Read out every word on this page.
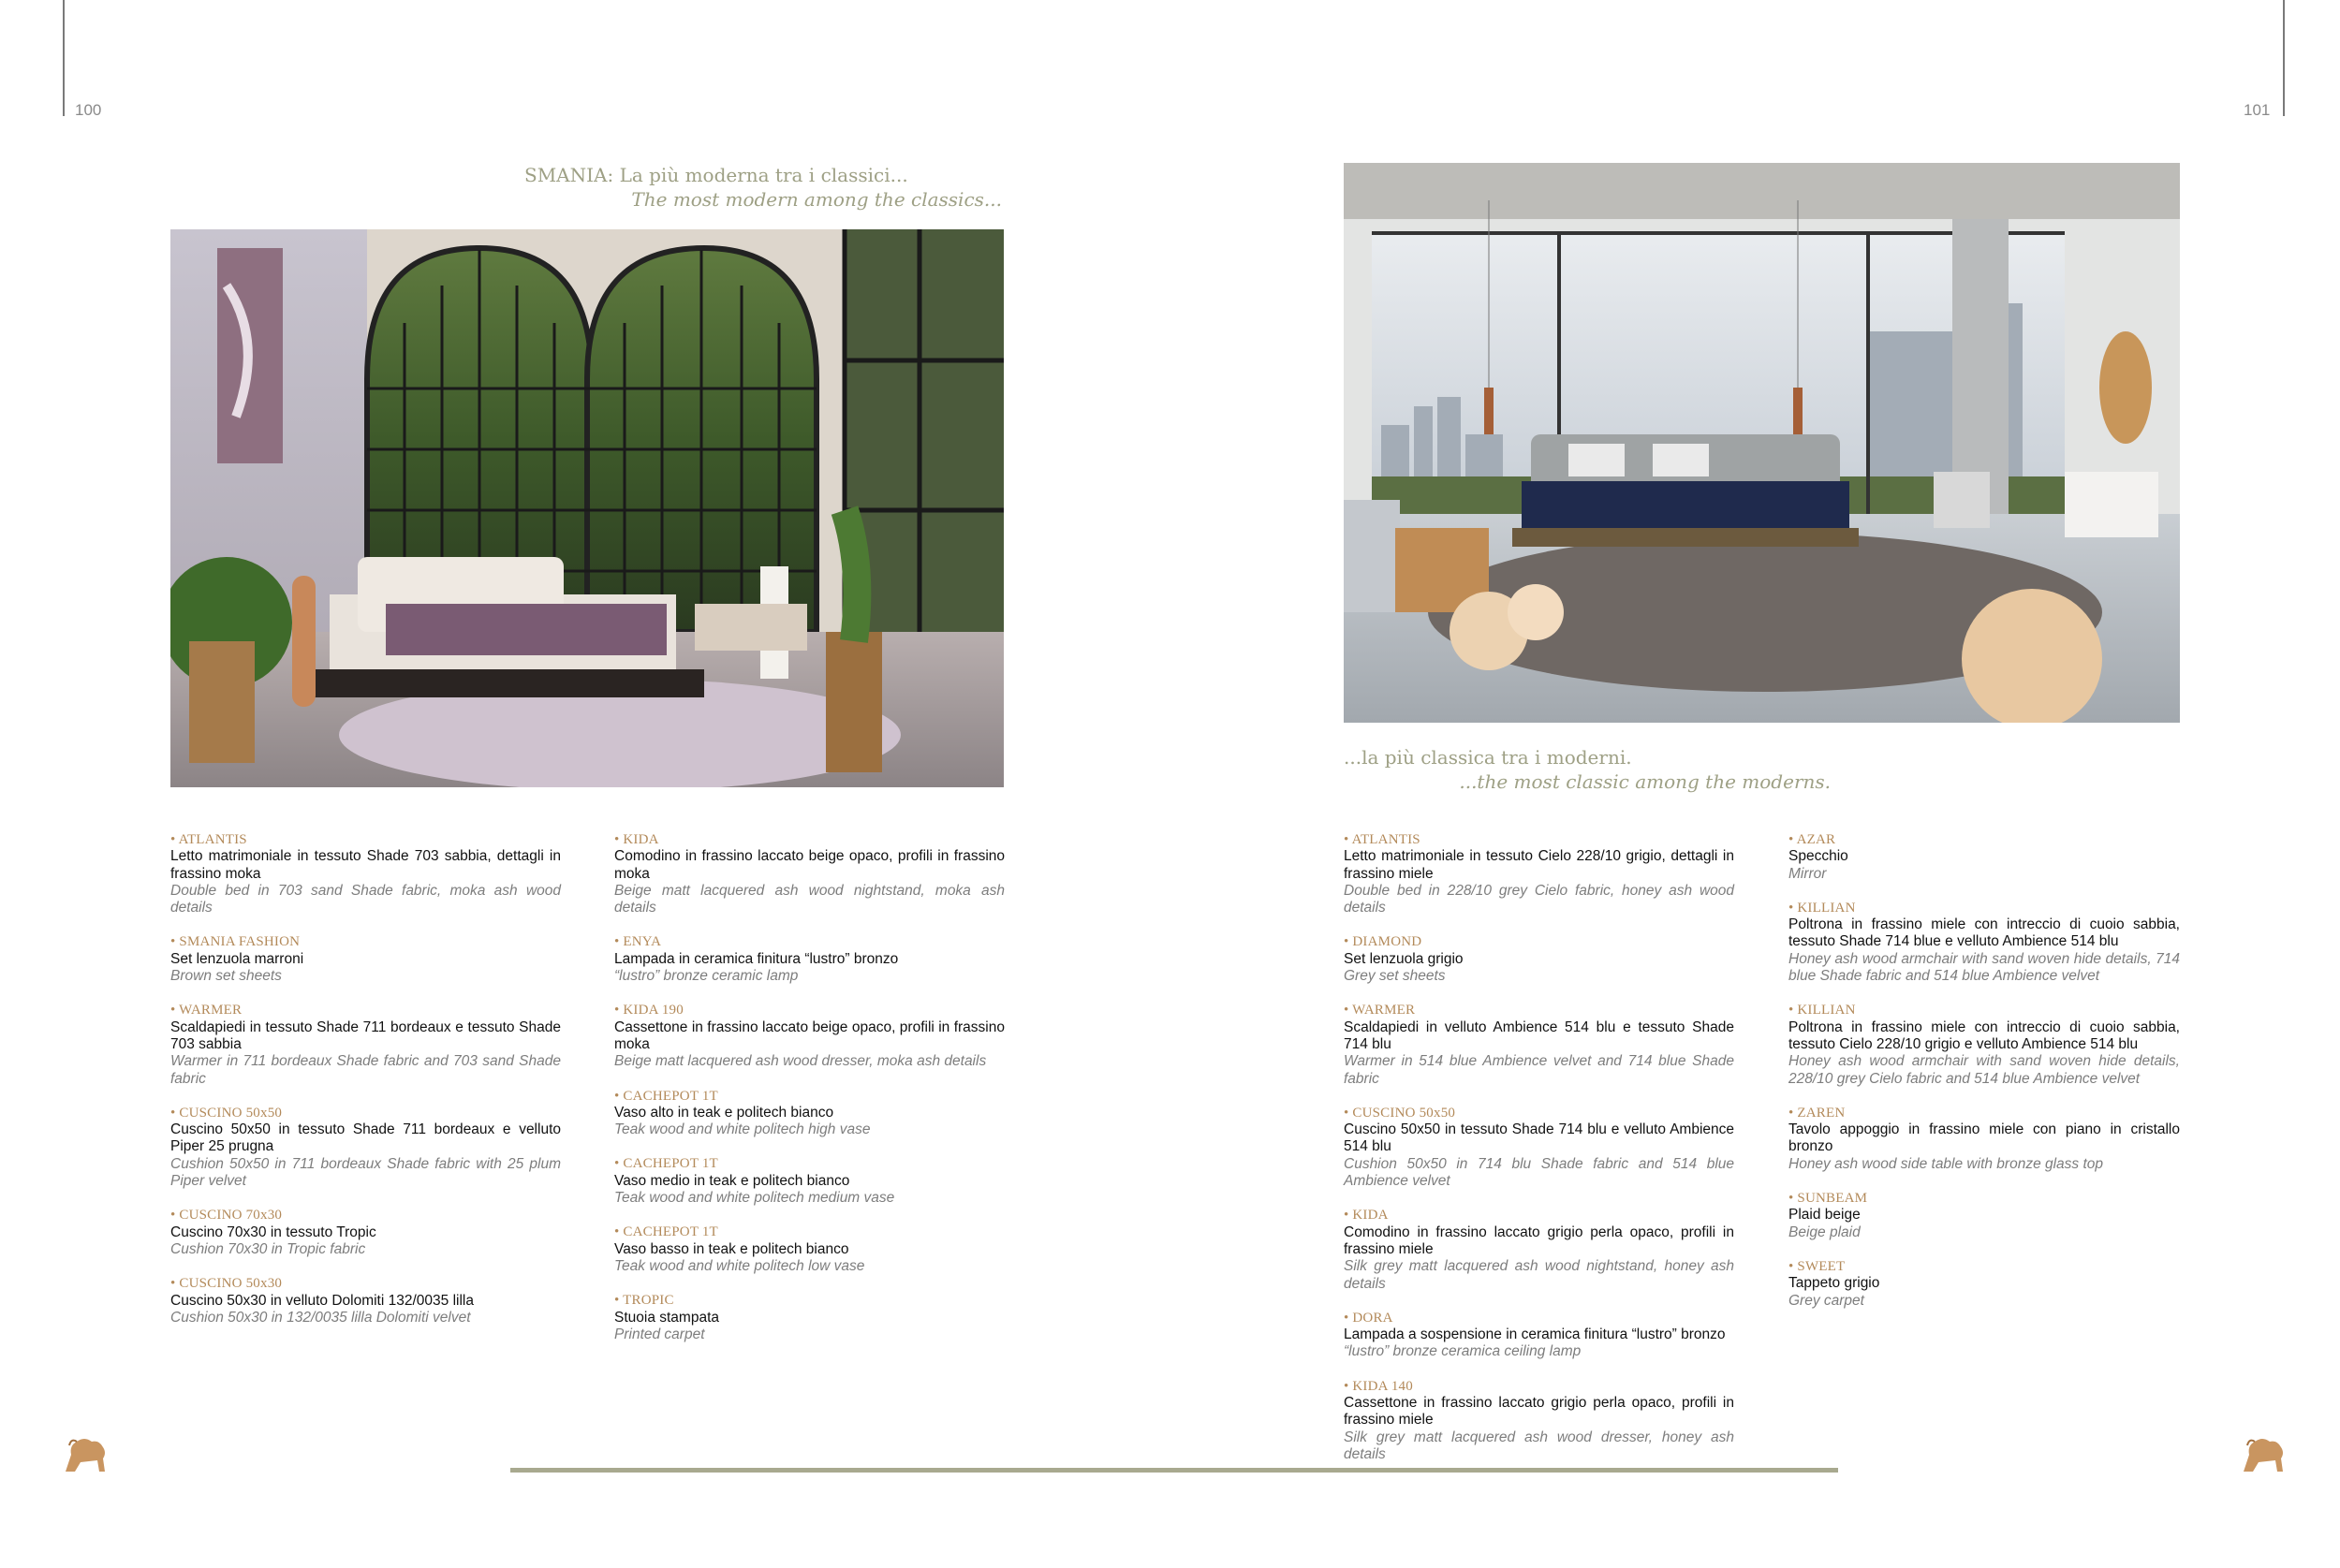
100	101
SMANIA: La più moderna tra i classici...
The most modern among the classics...
...la più classica tra i moderni.
...the most classic among the moderns.
• ATLANTIS
Letto matrimoniale in tessuto Shade 703 sabbia, dettagli in frassino moka
Double bed in 703 sand Shade fabric, moka ash wood details
• SMANIA FASHION
Set lenzuola marroni
Brown set sheets
• WARMER
Scaldapiedi in tessuto Shade 711 bordeaux e tessuto Shade 703 sabbia
Warmer in 711 bordeaux Shade fabric and 703 sand Shade fabric
• CUSCINO 50x50
Cuscino 50x50 in tessuto Shade 711 bordeaux e velluto Piper 25 prugna
Cushion 50x50 in 711 bordeaux Shade fabric with 25 plum Piper velvet
• CUSCINO 70x30
Cuscino 70x30 in tessuto Tropic
Cushion 70x30 in Tropic fabric
• CUSCINO 50x30
Cuscino 50x30 in velluto Dolomiti 132/0035 lilla
Cushion 50x30 in 132/0035 lilla Dolomiti velvet
• KIDA
Comodino in frassino laccato beige opaco, profili in frassino moka
Beige matt lacquered ash wood nightstand, moka ash details
• ENYA
Lampada in ceramica finitura “lustro” bronzo
“lustro” bronze ceramic lamp
• KIDA 190
Cassettone in frassino laccato beige opaco, profili in frassino moka
Beige matt lacquered ash wood dresser, moka ash details
• CACHEPOT 1T
Vaso alto in teak e politech bianco
Teak wood and white politech high vase
• CACHEPOT 1T
Vaso medio in teak e politech bianco
Teak wood and white politech medium vase
• CACHEPOT 1T
Vaso basso in teak e politech bianco
Teak wood and white politech low vase
• TROPIC
Stuoia stampata
Printed carpet
• ATLANTIS
Letto matrimoniale in tessuto Cielo 228/10 grigio, dettagli in frassino miele
Double bed in 228/10 grey Cielo fabric, honey ash wood details
• DIAMOND
Set lenzuola grigio
Grey set sheets
• WARMER
Scaldapiedi in velluto Ambience 514 blu e tessuto Shade 714 blu
Warmer in 514 blue Ambience velvet and 714 blue Shade fabric
• CUSCINO 50x50
Cuscino 50x50 in tessuto Shade 714 blu e velluto Ambience 514 blu
Cushion 50x50 in 714 blu Shade fabric and 514 blue Ambience velvet
• KIDA
Comodino in frassino laccato grigio perla opaco, profili in frassino miele
Silk grey matt lacquered ash wood nightstand, honey ash details
• DORA
Lampada a sospensione in ceramica finitura “lustro” bronzo
“lustro” bronze ceramica ceiling lamp
• KIDA 140
Cassettone in frassino laccato grigio perla opaco, profili in frassino miele
Silk grey matt lacquered ash wood dresser, honey ash details
• AZAR
Specchio
Mirror
• KILLIAN
Poltrona in frassino miele con intreccio di cuoio sabbia, tessuto Shade 714 blue e velluto Ambience 514 blu
Honey ash wood armchair with sand woven hide details, 714 blue Shade fabric and 514 blue Ambience velvet
• KILLIAN
Poltrona in frassino miele con intreccio di cuoio sabbia, tessuto Cielo 228/10 grigio e velluto Ambience 514 blu
Honey ash wood armchair with sand woven hide details, 228/10 grey Cielo fabric and 514 blue Ambience velvet
• ZAREN
Tavolo appoggio in frassino miele con piano in cristallo bronzo
Honey ash wood side table with bronze glass top
• SUNBEAM
Plaid beige
Beige plaid
• SWEET
Tappeto grigio
Grey carpet
